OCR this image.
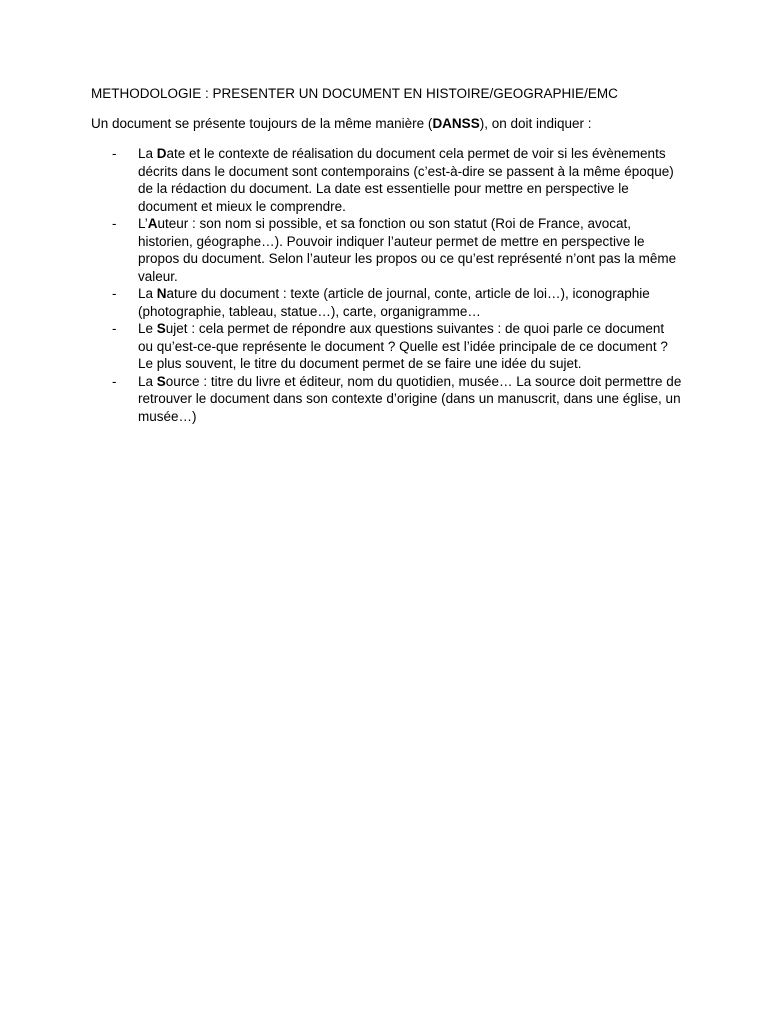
METHODOLOGIE : PRESENTER UN DOCUMENT EN HISTOIRE/GEOGRAPHIE/EMC
Un document se présente toujours de la même manière (DANSS), on doit indiquer :
- La Date et le contexte de réalisation du document cela permet de voir si les évènements décrits dans le document sont contemporains (c’est-à-dire se passent à la même époque) de la rédaction du document. La date est essentielle pour mettre en perspective le document et mieux le comprendre.
- L’Auteur : son nom si possible, et sa fonction ou son statut (Roi de France, avocat, historien, géographe…). Pouvoir indiquer l’auteur permet de mettre en perspective le propos du document. Selon l’auteur les propos ou ce qu’est représenté n’ont pas la même valeur.
- La Nature du document : texte (article de journal, conte, article de loi…), iconographie (photographie, tableau, statue…), carte, organigramme…
- Le Sujet : cela permet de répondre aux questions suivantes : de quoi parle ce document ou qu’est-ce-que représente le document ? Quelle est l’idée principale de ce document ? Le plus souvent, le titre du document permet de se faire une idée du sujet.
- La Source : titre du livre et éditeur, nom du quotidien, musée… La source doit permettre de retrouver le document dans son contexte d’origine (dans un manuscrit, dans une église, un musée…)
